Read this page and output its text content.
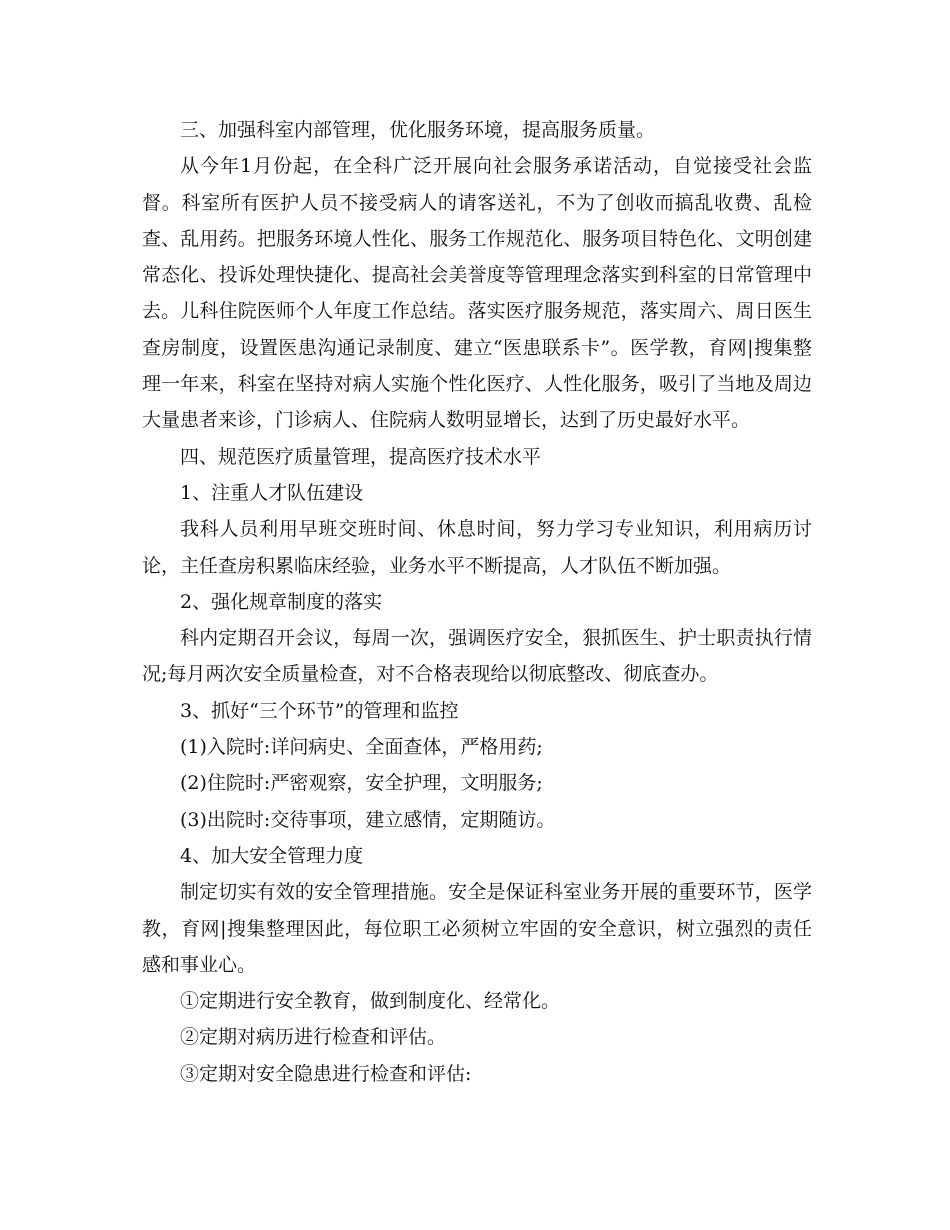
三、加强科室内部管理，优化服务环境，提高服务质量。

从今年1月份起，在全科广泛开展向社会服务承诺活动，自觉接受社会监督。科室所有医护人员不接受病人的请客送礼，不为了创收而搞乱收费、乱检查、乱用药。把服务环境人性化、服务工作规范化、服务项目特色化、文明创建常态化、投诉处理快捷化、提高社会美誉度等管理理念落实到科室的日常管理中去。儿科住院医师个人年度工作总结。落实医疗服务规范，落实周六、周日医生查房制度，设置医患沟通记录制度、建立“医患联系卡”。医学教，育网|搜集整理一年来，科室在坚持对病人实施个性化医疗、人性化服务，吸引了当地及周边大量患者来诊，门诊病人、住院病人数明显增长，达到了历史最好水平。

四、规范医疗质量管理，提高医疗技术水平

1、注重人才队伍建设

我科人员利用早班交班时间、休息时间，努力学习专业知识，利用病历讨论，主任查房积累临床经验，业务水平不断提高，人才队伍不断加强。

2、强化规章制度的落实

科内定期召开会议，每周一次，强调医疗安全，狠抓医生、护士职责执行情况;每月两次安全质量检查，对不合格表现给以彻底整改、彻底查办。

3、抓好“三个环节”的管理和监控

(1)入院时:详问病史、全面查体，严格用药;

(2)住院时:严密观察，安全护理，文明服务;

(3)出院时:交待事项，建立感情，定期随访。

4、加大安全管理力度

制定切实有效的安全管理措施。安全是保证科室业务开展的重要环节，医学教，育网|搜集整理因此，每位职工必须树立牢固的安全意识，树立强烈的责任感和事业心。

①定期进行安全教育，做到制度化、经常化。

②定期对病历进行检查和评估。

③定期对安全隐患进行检查和评估:
